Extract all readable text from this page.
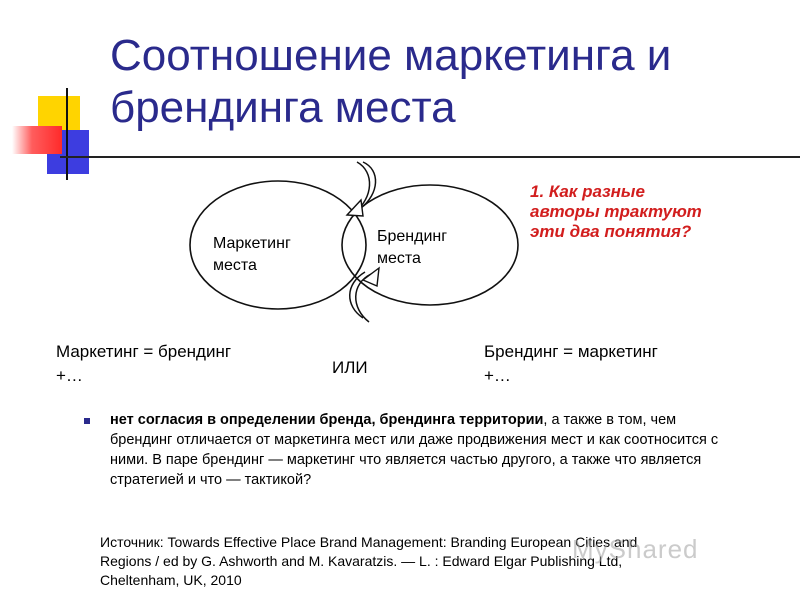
Соотношение маркетинга и
брендинга места
Маркетинг
места
Брендинг
места
1. Как разные
авторы трактуют
эти два понятия?
Маркетинг = брендинг
+…	ИЛИ
Брендинг = маркетинг
+…
нет согласия в определении бренда, брендинга территории, а также в том, чем брендинг отличается от маркетинга мест или даже продвижения мест и как соотносится с ними. В паре брендинг — маркетинг что является частью другого, а также что является стратегией и что — тактикой?
Источник: Towards Effective Place Brand Management: Branding European Cities and
Regions / ed by G. Ashworth and M. Kavaratzis. — L. : Edward Elgar Publishing Ltd,
Cheltenham, UK, 2010
MyShared
